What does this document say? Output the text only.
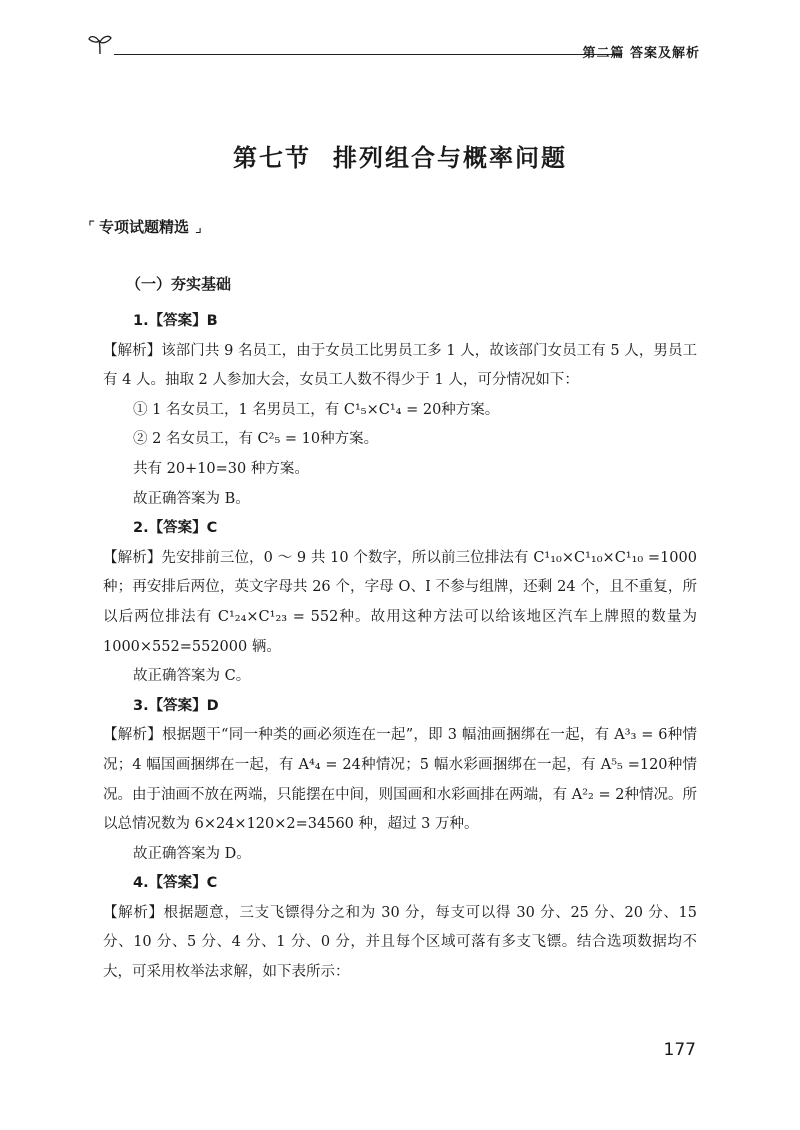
第二篇 答案及解析
第七节 排列组合与概率问题
⌜ 专项试题精选 ⌟
（一）夯实基础

1.【答案】B

【解析】该部门共 9 名员工，由于女员工比男员工多 1 人，故该部门女员工有 5 人，男员工有 4 人。抽取 2 人参加大会，女员工人数不得少于 1 人，可分情况如下：

① 1 名女员工，1 名男员工，有 C¹₅×C¹₄ = 20种方案。

② 2 名女员工，有 C²₅ = 10种方案。

共有 20+10=30 种方案。

故正确答案为 B。

2.【答案】C

【解析】先安排前三位，0 ～ 9 共 10 个数字，所以前三位排法有 C¹₁₀×C¹₁₀×C¹₁₀ =1000种；再安排后两位，英文字母共 26 个，字母 O、I 不参与组牌，还剩 24 个，且不重复，所以后两位排法有 C¹₂₄×C¹₂₃ = 552种。故用这种方法可以给该地区汽车上牌照的数量为 1000×552=552000 辆。

故正确答案为 C。

3.【答案】D

【解析】根据题干“同一种类的画必须连在一起”，即 3 幅油画捆绑在一起，有 A³₃ = 6种情况；4 幅国画捆绑在一起，有 A⁴₄ = 24种情况；5 幅水彩画捆绑在一起，有 A⁵₅ =120种情况。由于油画不放在两端，只能摆在中间，则国画和水彩画排在两端，有 A²₂ = 2种情况。所以总情况数为 6×24×120×2=34560 种，超过 3 万种。

故正确答案为 D。

4.【答案】C

【解析】根据题意，三支飞镖得分之和为 30 分，每支可以得 30 分、25 分、20 分、15 分、10 分、5 分、4 分、1 分、0 分，并且每个区域可落有多支飞镖。结合选项数据均不大，可采用枚举法求解，如下表所示：

177
